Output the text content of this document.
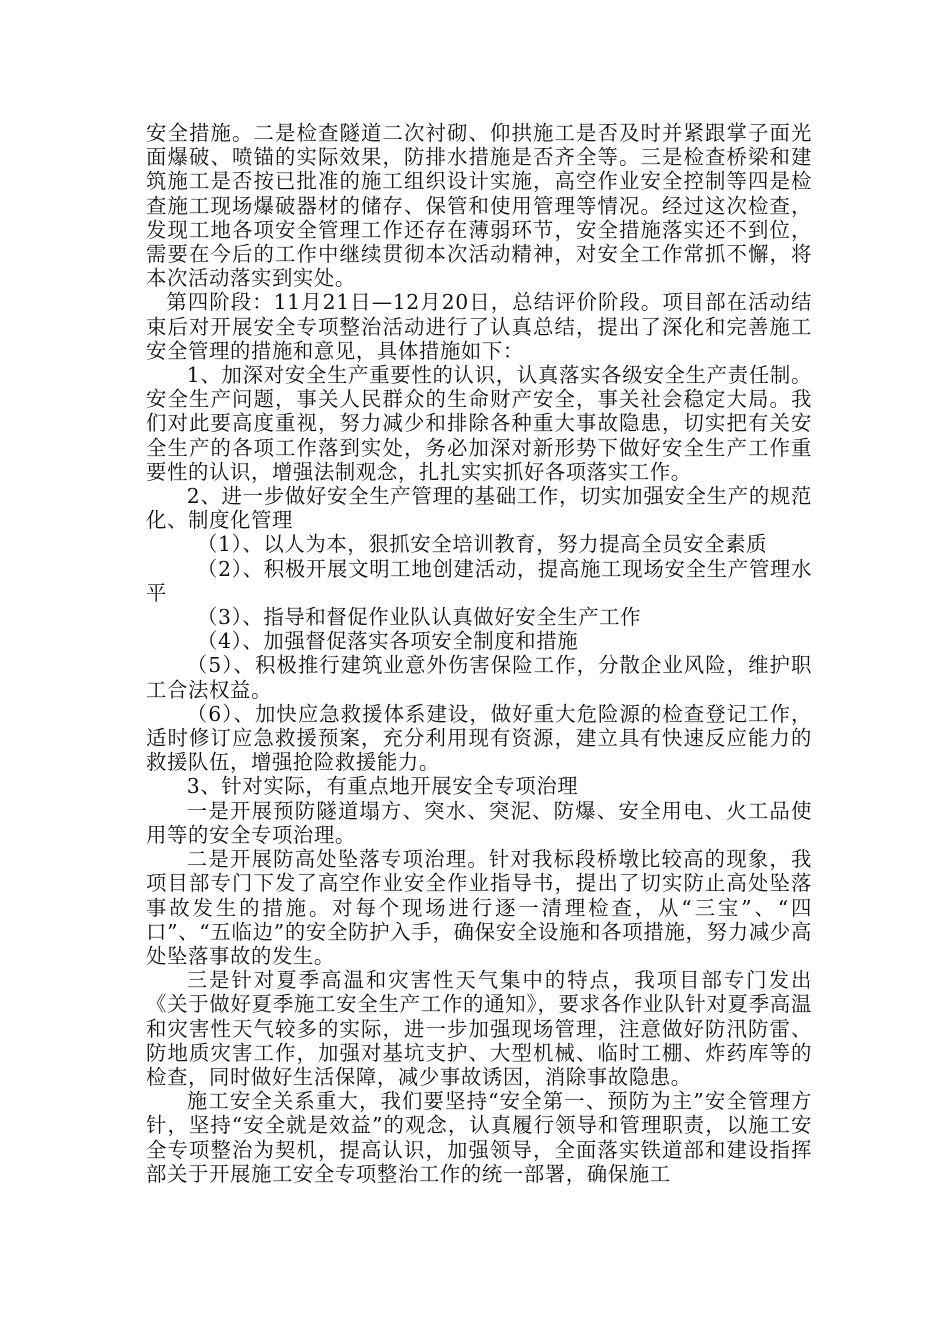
安全措施。二是检查隧道二次衬砌、仰拱施工是否及时并紧跟掌子面光面爆破、喷锚的实际效果，防排水措施是否齐全等。三是检查桥梁和建筑施工是否按已批准的施工组织设计实施，高空作业安全控制等四是检查施工现场爆破器材的储存、保管和使用管理等情况。经过这次检查，发现工地各项安全管理工作还存在薄弱环节，安全措施落实还不到位，需要在今后的工作中继续贯彻本次活动精神，对安全工作常抓不懈，将本次活动落实到实处。

第四阶段：11月21日—12月20日，总结评价阶段。项目部在活动结束后对开展安全专项整治活动进行了认真总结，提出了深化和完善施工安全管理的措施和意见，具体措施如下：

1、加深对安全生产重要性的认识，认真落实各级安全生产责任制。安全生产问题，事关人民群众的生命财产安全，事关社会稳定大局。我们对此要高度重视，努力减少和排除各种重大事故隐患，切实把有关安全生产的各项工作落到实处，务必加深对新形势下做好安全生产工作重要性的认识，增强法制观念，扎扎实实抓好各项落实工作。

2、进一步做好安全生产管理的基础工作，切实加强安全生产的规范化、制度化管理

（1）、以人为本，狠抓安全培训教育，努力提高全员安全素质

（2）、积极开展文明工地创建活动，提高施工现场安全生产管理水平

（3）、指导和督促作业队认真做好安全生产工作

（4）、加强督促落实各项安全制度和措施

（5）、积极推行建筑业意外伤害保险工作，分散企业风险，维护职工合法权益。

（6）、加快应急救援体系建设，做好重大危险源的检查登记工作，适时修订应急救援预案，充分利用现有资源，建立具有快速反应能力的救援队伍，增强抢险救援能力。

3、针对实际，有重点地开展安全专项治理

一是开展预防隧道塌方、突水、突泥、防爆、安全用电、火工品使用等的安全专项治理。

二是开展防高处坠落专项治理。针对我标段桥墩比较高的现象，我项目部专门下发了高空作业安全作业指导书，提出了切实防止高处坠落事故发生的措施。对每个现场进行逐一清理检查，从“三宝”、“四口”、“五临边”的安全防护入手，确保安全设施和各项措施，努力减少高处坠落事故的发生。

三是针对夏季高温和灾害性天气集中的特点，我项目部专门发出《关于做好夏季施工安全生产工作的通知》，要求各作业队针对夏季高温和灾害性天气较多的实际，进一步加强现场管理，注意做好防汛防雷、防地质灾害工作，加强对基坑支护、大型机械、临时工棚、炸药库等的检查，同时做好生活保障，减少事故诱因，消除事故隐患。

施工安全关系重大，我们要坚持“安全第一、预防为主”安全管理方针，坚持“安全就是效益”的观念，认真履行领导和管理职责，以施工安全专项整治为契机，提高认识，加强领导，全面落实铁道部和建设指挥部关于开展施工安全专项整治工作的统一部署，确保施工
